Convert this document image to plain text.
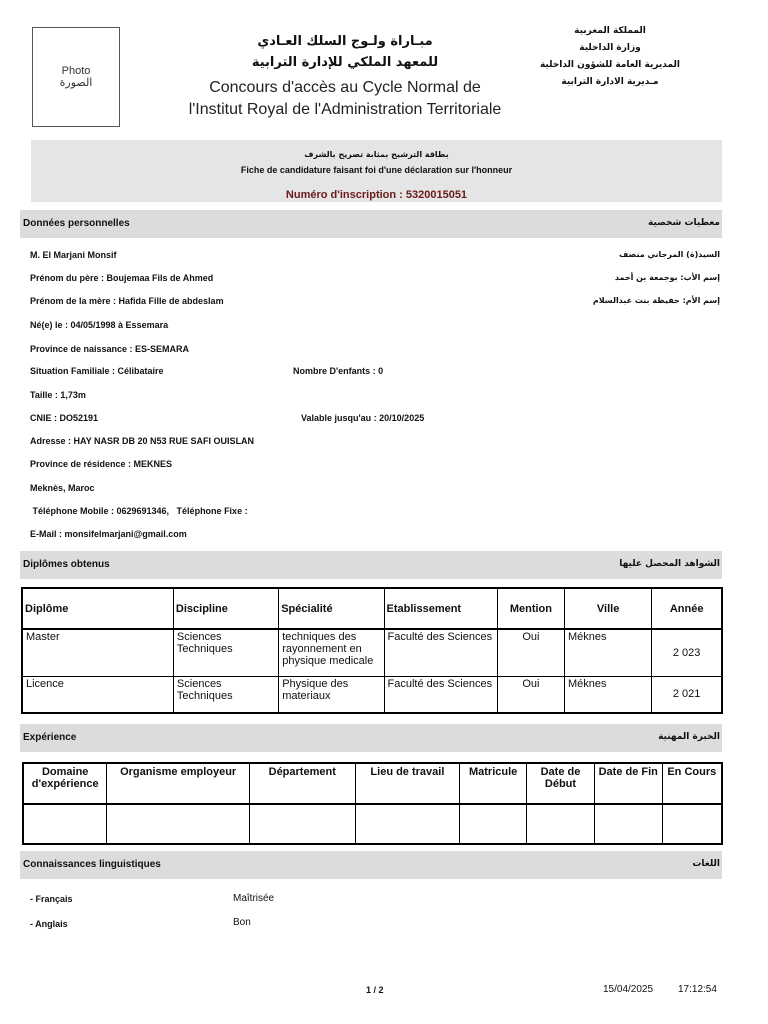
Photo
الصورة
مبـاراة ولـوج السلك العـادي
للمعهد الملكي للإدارة الترابية
Concours d'accès au Cycle Normal de
l'Institut Royal de l'Administration Territoriale
المملكة المغربية
وزارة الداخلية
المديرية العامة للشؤون الداخلية
مـديرية الادارة الترابية
بطاقة الترشيح بمثابة تصريح بالشرف
Fiche de candidature faisant foi d'une déclaration sur l'honneur
Numéro d'inscription : 5320015051
Données personnelles	معطيات شخصية
M. El Marjani Monsif	السيد(ة) المرجاني منصف
Prénom du père : Boujemaa Fils de Ahmed	إسم الأب: بوجمعة بن أحمد
Prénom de la mère : Hafida Fille de abdeslam	إسم الأم: حفيظة بنت عبدالسلام
Né(e) le : 04/05/1998 à Essemara
Province de naissance : ES-SEMARA
Situation Familiale : Célibataire	Nombre D'enfants : 0
Taille : 1,73m
CNIE : DO52191	Valable jusqu'au : 20/10/2025
Adresse : HAY NASR DB 20 N53 RUE SAFI OUISLAN
Province de résidence : MEKNES
Meknès, Maroc
Téléphone Mobile : 0629691346,   Téléphone Fixe :
E-Mail : monsifelmarjani@gmail.com
Diplômes obtenus	الشواهد المحصل عليها
Diplôme	Discipline	Spécialité	Etablissement	Mention	Ville	Année
Master	Sciences Techniques	techniques des rayonnement en physique medicale	Faculté des Sciences	Oui	Méknes	2 023
Licence	Sciences Techniques	Physique des materiaux	Faculté des Sciences	Oui	Méknes	2 021
Expérience	الخبرة المهنية
Domaine d'expérience	Organisme employeur	Département	Lieu de travail	Matricule	Date de Début	Date de Fin	En Cours

Connaissances linguistiques	اللغات
- Français	Maîtrisée
- Anglais	Bon
1 / 2	15/04/2025 17:12:54
